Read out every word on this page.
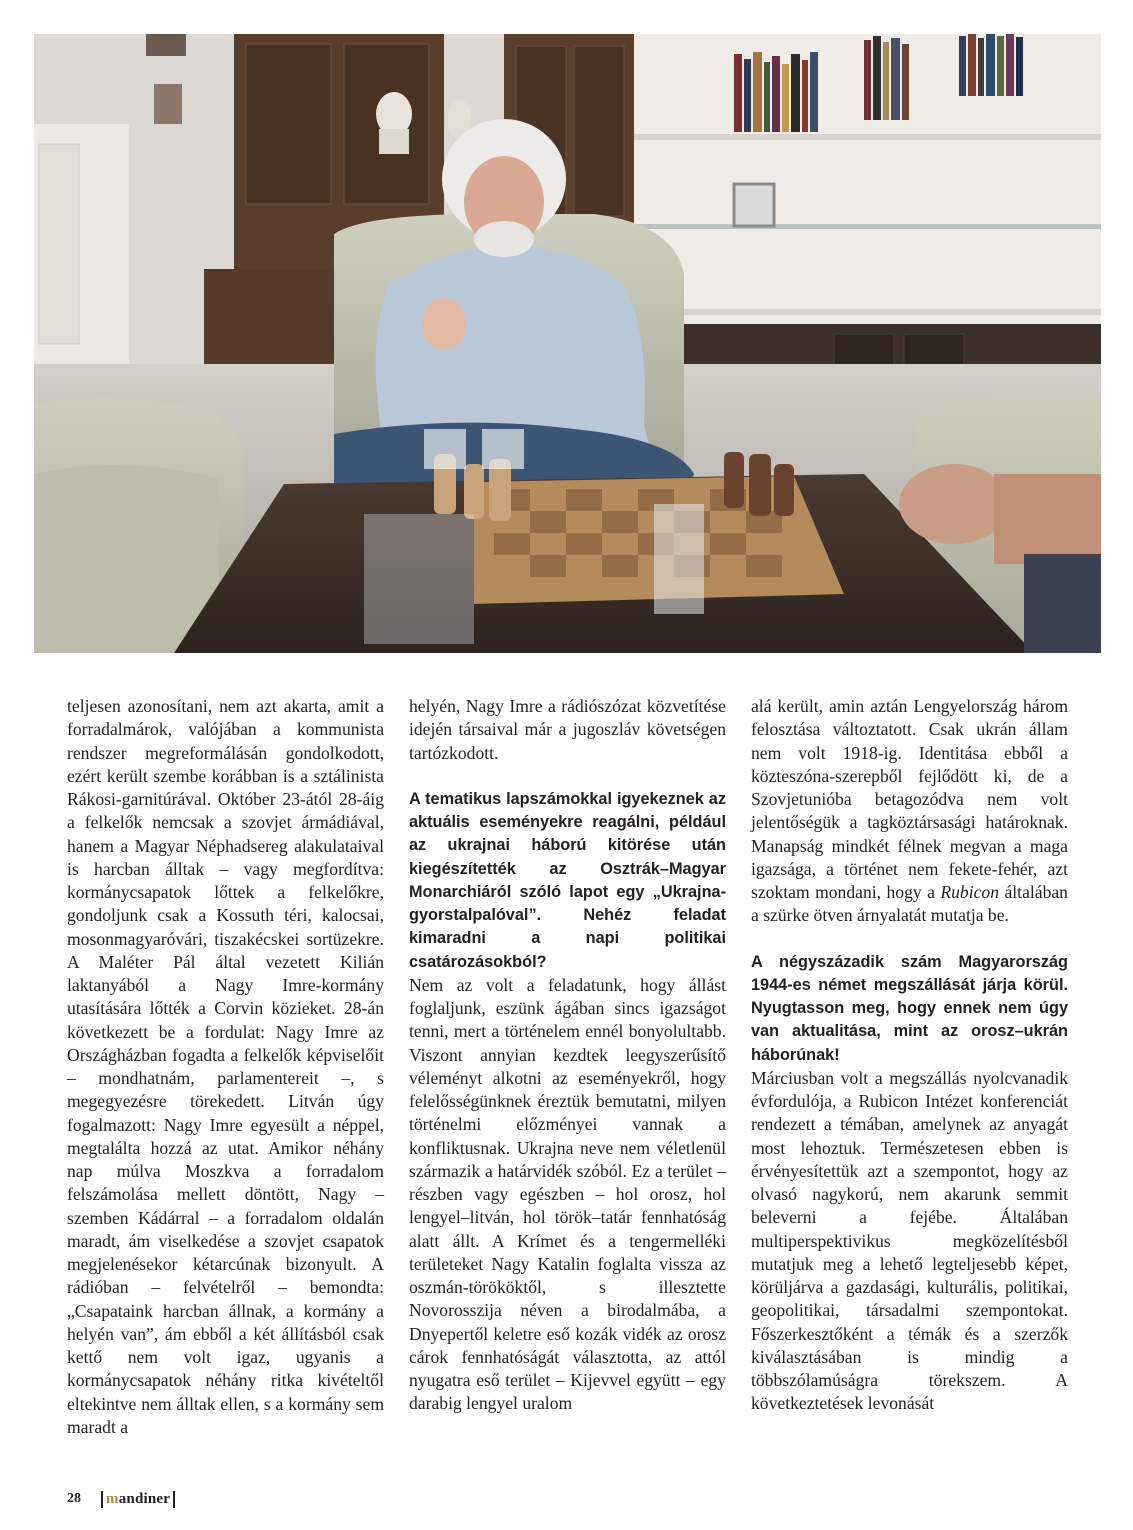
teljesen azonosítani, nem azt akarta, amit a forradalmárok, valójában a kommunista rendszer megreformálásán gondolkodott, ezért került szembe korábban is a sztálinista Rákosi-garnitúrával. Október 23-ától 28-áig a felkelők nemcsak a szovjet ármádiával, hanem a Magyar Néphadsereg alakulataival is harcban álltak – vagy megfordítva: kormánycsapatok lőttek a felkelőkre, gondoljunk csak a Kossuth téri, kalocsai, mosonmagyaróvári, tiszakécskei sortüzekre. A Maléter Pál által vezetett Kilián laktanyából a Nagy Imre-kormány utasítására lőtték a Corvin közieket. 28-án következett be a fordulat: Nagy Imre az Országházban fogadta a felkelők képviselőit – mondhatnám, parlamentereit –, s megegyezésre törekedett. Litván úgy fogalmazott: Nagy Imre egyesült a néppel, megtalálta hozzá az utat. Amikor néhány nap múlva Moszkva a forradalom felszámolása mellett döntött, Nagy – szemben Kádárral – a forradalom oldalán maradt, ám viselkedése a szovjet csapatok megjelenésekor kétarcúnak bizonyult. A rádióban – felvételről – bemondta: „Csapataink harcban állnak, a kormány a helyén van”, ám ebből a két állításból csak kettő nem volt igaz, ugyanis a kormánycsapatok néhány ritka kivételtől eltekintve nem álltak ellen, s a kormány sem maradt a

helyén, Nagy Imre a rádiószózat közvetítése idején társaival már a jugoszláv követségen tartózkodott.

A tematikus lapszámokkal igyekeznek az aktuális eseményekre reagálni, például az ukrajnai háború kitörése után kiegészítették az Osztrák–Magyar Monarchiáról szóló lapot egy „Ukrajna-gyorstalpalóval”. Nehéz feladat kimaradni a napi politikai csatározásokból?

Nem az volt a feladatunk, hogy állást foglaljunk, eszünk ágában sincs igazságot tenni, mert a történelem ennél bonyolultabb. Viszont annyian kezdtek leegyszerűsítő véleményt alkotni az eseményekről, hogy felelősségünknek éreztük bemutatni, milyen történelmi előzményei vannak a konfliktusnak. Ukrajna neve nem véletlenül származik a határvidék szóból. Ez a terület – részben vagy egészben – hol orosz, hol lengyel–litván, hol török–tatár fennhatóság alatt állt. A Krímet és a tengermelléki területeket Nagy Katalin foglalta vissza az oszmán-törököktől, s illesztette Novorosszija néven a birodalmába, a Dnyepertől keletre eső kozák vidék az orosz cárok fennhatóságát választotta, az attól nyugatra eső terület – Kijevvel együtt – egy darabig lengyel uralom

alá került, amin aztán Lengyelország három felosztása változtatott. Csak ukrán állam nem volt 1918-ig. Identitása ebből a közteszóna-szerepből fejlődött ki, de a Szovjetunióba betagozódva nem volt jelentőségük a tagköztársasági határoknak. Manapság mindkét félnek megvan a maga igazsága, a történet nem fekete-fehér, azt szoktam mondani, hogy a Rubicon általában a szürke ötven árnyalatát mutatja be.

A négyszázadik szám Magyarország 1944-es német megszállását járja körül. Nyugtasson meg, hogy ennek nem úgy van aktualitása, mint az orosz–ukrán háborúnak!

Márciusban volt a megszállás nyolcvanadik évfordulója, a Rubicon Intézet konferenciát rendezett a témában, amelynek az anyagát most lehoztuk. Természetesen ebben is érvényesítettük azt a szempontot, hogy az olvasó nagykorú, nem akarunk semmit beleverni a fejébe. Általában multiperspektivikus megközelítésből mutatjuk meg a lehető legteljesebb képet, körüljárva a gazdasági, kulturális, politikai, geopolitikai, társadalmi szempontokat. Főszerkesztőként a témák és a szerzők kiválasztásában is mindig a többszólamúságra törekszem. A következtetések levonását

28 m andiner
